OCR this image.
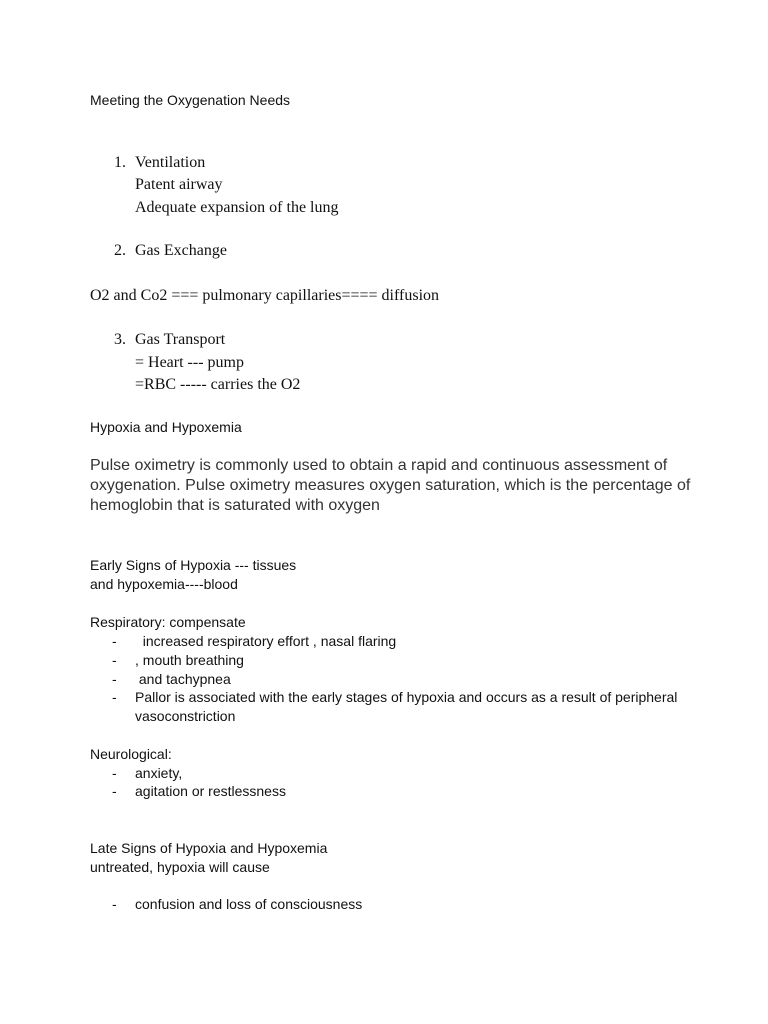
Meeting the Oxygenation Needs
1. Ventilation
Patent airway
Adequate expansion of the lung
2. Gas Exchange
O2 and Co2 === pulmonary capillaries==== diffusion
3. Gas Transport
= Heart --- pump
=RBC ----- carries the O2
Hypoxia and Hypoxemia
Pulse oximetry is commonly used to obtain a rapid and continuous assessment of
oxygenation. Pulse oximetry measures oxygen saturation, which is the percentage of
hemoglobin that is saturated with oxygen
Early Signs of Hypoxia --- tissues
and hypoxemia----blood
Respiratory: compensate
- increased respiratory effort , nasal flaring
- , mouth breathing
- and tachypnea
- Pallor is associated with the early stages of hypoxia and occurs as a result of peripheral
vasoconstriction
Neurological:
- anxiety,
- agitation or restlessness
Late Signs of Hypoxia and Hypoxemia
untreated, hypoxia will cause
- confusion and loss of consciousness
